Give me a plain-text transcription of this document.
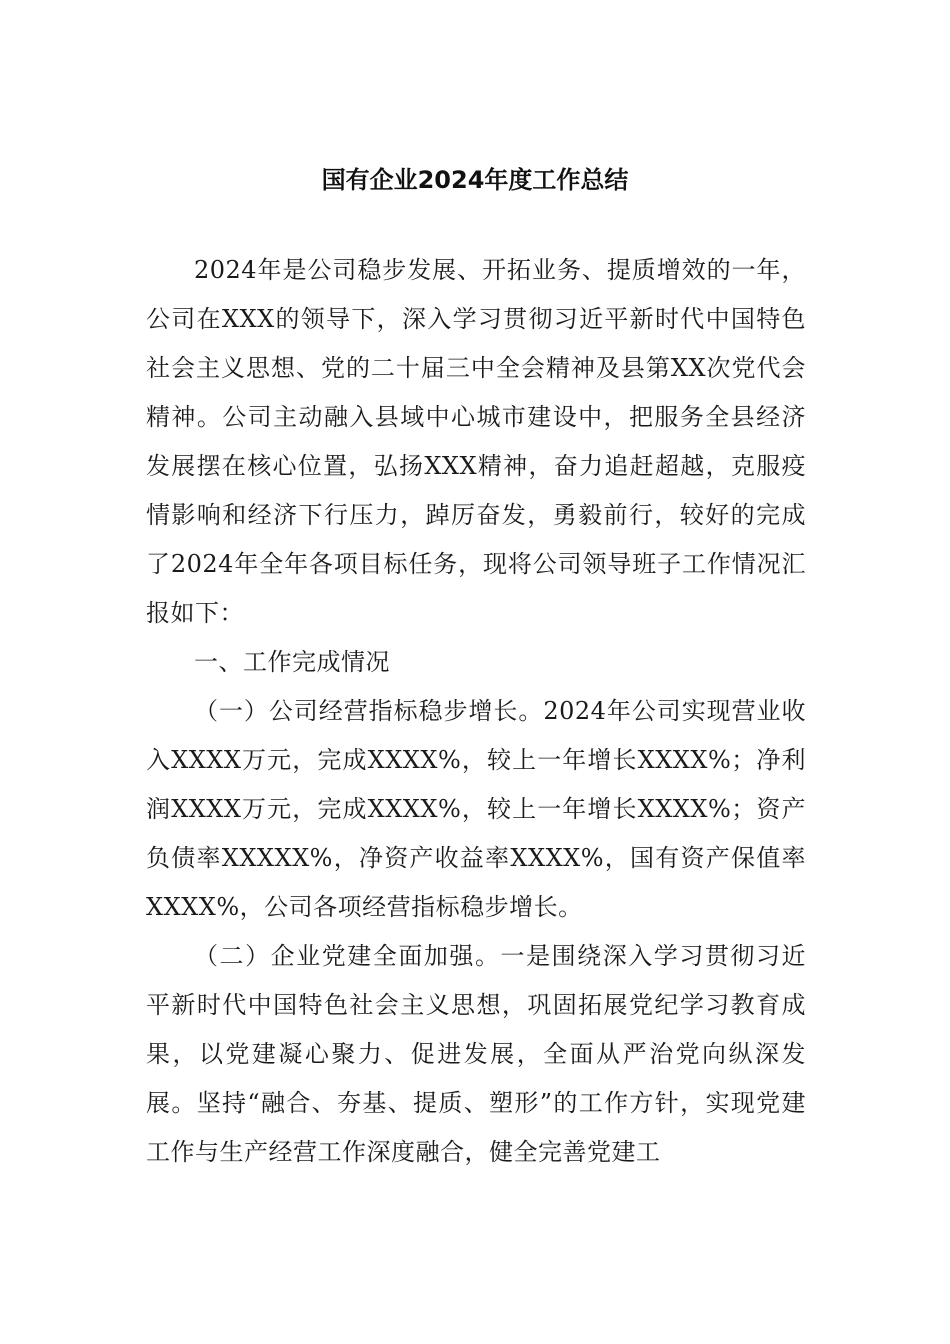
国有企业2024年度工作总结

2024年是公司稳步发展、开拓业务、提质增效的一年，公司在XXX的领导下，深入学习贯彻习近平新时代中国特色社会主义思想、党的二十届三中全会精神及县第XX次党代会精神。公司主动融入县域中心城市建设中，把服务全县经济发展摆在核心位置，弘扬XXX精神，奋力追赶超越，克服疫情影响和经济下行压力，踔厉奋发，勇毅前行，较好的完成了2024年全年各项目标任务，现将公司领导班子工作情况汇报如下：

一、工作完成情况

（一）公司经营指标稳步增长。2024年公司实现营业收入XXXX万元，完成XXXX%，较上一年增长XXXX%；净利润XXXX万元，完成XXXX%，较上一年增长XXXX%；资产负债率XXXXX%，净资产收益率XXXX%，国有资产保值率XXXX%，公司各项经营指标稳步增长。

（二）企业党建全面加强。一是围绕深入学习贯彻习近平新时代中国特色社会主义思想，巩固拓展党纪学习教育成果，以党建凝心聚力、促进发展，全面从严治党向纵深发展。坚持“融合、夯基、提质、塑形”的工作方针，实现党建工作与生产经营工作深度融合，健全完善党建工
